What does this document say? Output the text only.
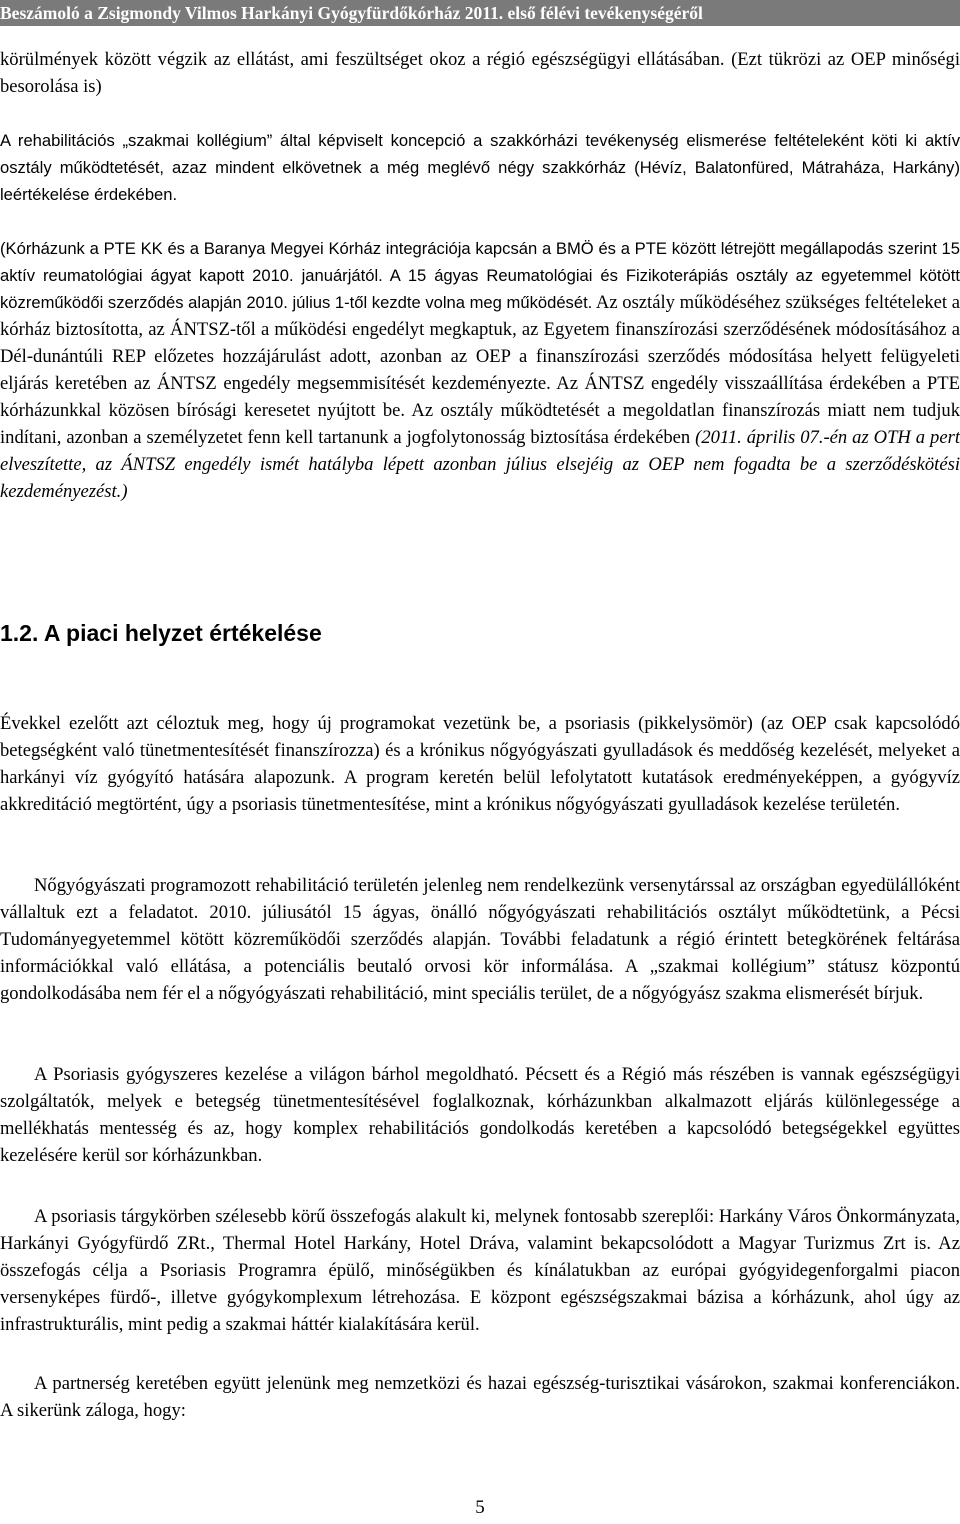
Beszámoló a Zsigmondy Vilmos Harkányi Gyógyfürdőkórház 2011. első félévi tevékenységéről

körülmények között végzik az ellátást, ami feszültséget okoz a régió egészségügyi ellátásában. (Ezt tükrözi az OEP minőségi besorolása is)

A rehabilitációs „szakmai kollégium” által képviselt koncepció a szakkórházi tevékenység elismerése feltételeként köti ki aktív osztály működtetését, azaz mindent elkövetnek a még meglévő négy szakkórház (Hévíz, Balatonfüred, Mátraháza, Harkány) leértékelése érdekében.

(Kórházunk a PTE KK és a Baranya Megyei Kórház integrációja kapcsán a BMÖ és a PTE között létrejött megállapodás szerint 15 aktív reumatológiai ágyat kapott 2010. januárjától. A 15 ágyas Reumatológiai és Fizikoterápiás osztály az egyetemmel kötött közreműködői szerződés alapján 2010. július 1-től kezdte volna meg működését. Az osztály működéséhez szükséges feltételeket a kórház biztosította, az ÁNTSZ-től a működési engedélyt megkaptuk, az Egyetem finanszírozási szerződésének módosításához a Dél-dunántúli REP előzetes hozzájárulást adott, azonban az OEP a finanszírozási szerződés módosítása helyett felügyeleti eljárás keretében az ÁNTSZ engedély megsemmisítését kezdeményezte. Az ÁNTSZ engedély visszaállítása érdekében a PTE kórházunkkal közösen bírósági keresetet nyújtott be. Az osztály működtetését a megoldatlan finanszírozás miatt nem tudjuk indítani, azonban a személyzetet fenn kell tartanunk a jogfolytonosság biztosítása érdekében (2011. április 07.-én az OTH a pert elveszítette, az ÁNTSZ engedély ismét hatályba lépett azonban július elsejéig az OEP nem fogadta be a szerződéskötési kezdeményezést.)

1.2. A piaci helyzet értékelése

Évekkel ezelőtt azt céloztuk meg, hogy új programokat vezetünk be, a psoriasis (pikkelysömör) (az OEP csak kapcsolódó betegségként való tünetmentesítését finanszírozza) és a krónikus nőgyógyászati gyulladások és meddőség kezelését, melyeket a harkányi víz gyógyító hatására alapozunk. A program keretén belül lefolytatott kutatások eredményeképpen, a gyógyvíz akkreditáció megtörtént, úgy a psoriasis tünetmentesítése, mint a krónikus nőgyógyászati gyulladások kezelése területén.

Nőgyógyászati programozott rehabilitáció területén jelenleg nem rendelkezünk versenytárssal az országban egyedülállóként vállaltuk ezt a feladatot. 2010. júliusától 15 ágyas, önálló nőgyógyászati rehabilitációs osztályt működtetünk, a Pécsi Tudományegyetemmel kötött közreműködői szerződés alapján. További feladatunk a régió érintett betegkörének feltárása információkkal való ellátása, a potenciális beutaló orvosi kör informálása. A „szakmai kollégium” státusz központú gondolkodásába nem fér el a nőgyógyászati rehabilitáció, mint speciális terület, de a nőgyógyász szakma elismerését bírjuk.

A Psoriasis gyógyszeres kezelése a világon bárhol megoldható. Pécsett és a Régió más részében is vannak egészségügyi szolgáltatók, melyek e betegség tünetmentesítésével foglalkoznak, kórházunkban alkalmazott eljárás különlegessége a mellékhatás mentesség és az, hogy komplex rehabilitációs gondolkodás keretében a kapcsolódó betegségekkel együttes kezelésére kerül sor kórházunkban.

A psoriasis tárgykörben szélesebb körű összefogás alakult ki, melynek fontosabb szereplői: Harkány Város Önkormányzata, Harkányi Gyógyfürdő ZRt., Thermal Hotel Harkány, Hotel Dráva, valamint bekapcsolódott a Magyar Turizmus Zrt is. Az összefogás célja a Psoriasis Programra épülő, minőségükben és kínálatukban az európai gyógyidegenforgalmi piacon versenyképes fürdő-, illetve gyógykomplexum létrehozása. E központ egészségszakmai bázisa a kórházunk, ahol úgy az infrastrukturális, mint pedig a szakmai háttér kialakítására kerül.

A partnerség keretében együtt jelenünk meg nemzetközi és hazai egészség-turisztikai vásárokon, szakmai konferenciákon. A sikerünk záloga, hogy:

5
